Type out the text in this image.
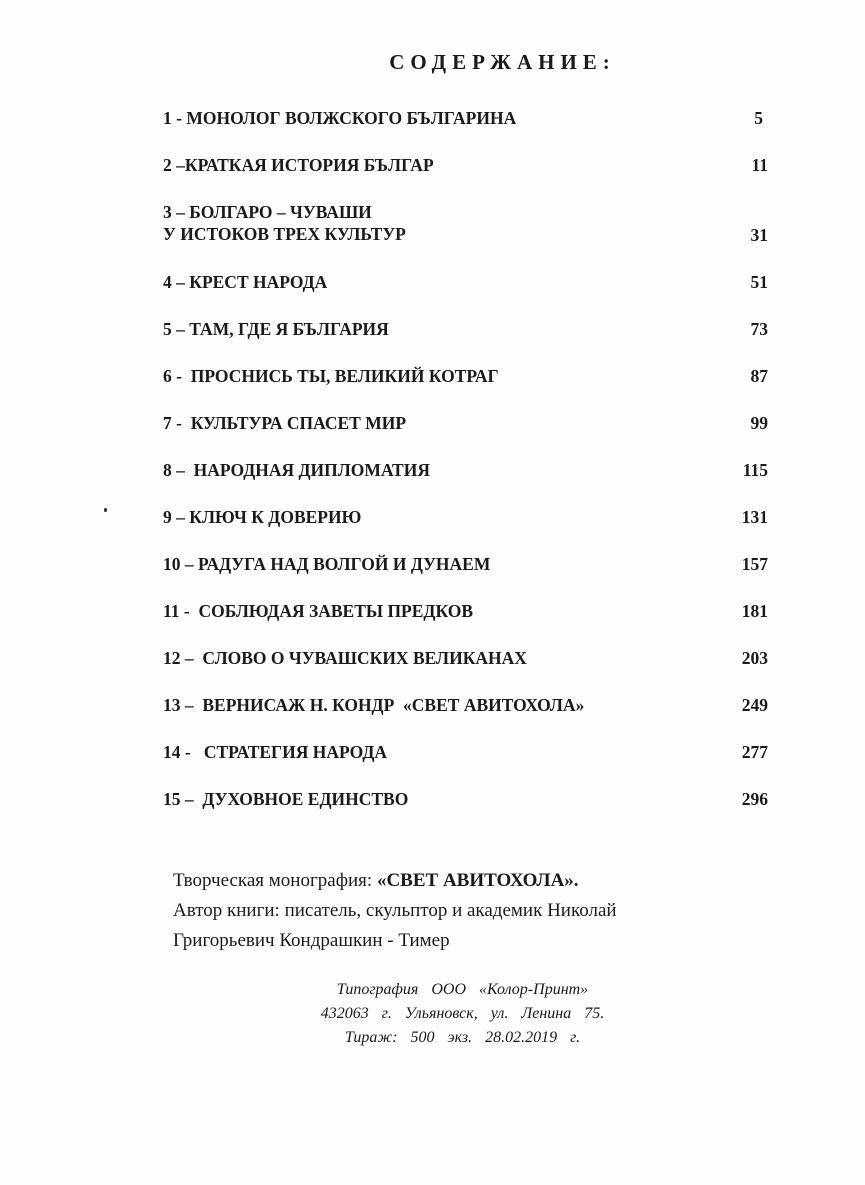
СОДЕРЖАНИЕ:
1 - МОНОЛОГ ВОЛЖСКОГО БЪЛГАРИНА	5
2 –КРАТКАЯ ИСТОРИЯ БЪЛГАР	11
3 – БОЛГАРО – ЧУВАШИ
У ИСТОКОВ ТРЕХ КУЛЬТУР	31
4 – КРЕСТ НАРОДА	51
5 – ТАМ, ГДЕ Я БЪЛГАРИЯ	73
6 -  ПРОСНИСЬ ТЫ, ВЕЛИКИЙ КОТРАГ	87
7 -  КУЛЬТУРА СПАСЕТ МИР	99
8 –  НАРОДНАЯ ДИПЛОМАТИЯ	115
9 – КЛЮЧ К ДОВЕРИЮ	131
10 – РАДУГА НАД ВОЛГОЙ И ДУНАЕМ	157
11 -  СОБЛЮДАЯ ЗАВЕТЫ ПРЕДКОВ	181
12 –  СЛОВО О ЧУВАШСКИХ ВЕЛИКАНАХ	203
13 –  ВЕРНИСАЖ Н. КОНДР  «СВЕТ АВИТОХОЛА»	249
14 -   СТРАТЕГИЯ НАРОДА	277
15 –  ДУХОВНОЕ ЕДИНСТВО	296
Творческая монография: «СВЕТ АВИТОХОЛА».
Автор книги: писатель, скульптор и академик Николай
Григорьевич Кондрашкин - Тимер
Типография ООО «Колор-Принт»
432063 г. Ульяновск, ул. Ленина 75.
Тираж: 500 экз. 28.02.2019 г.
